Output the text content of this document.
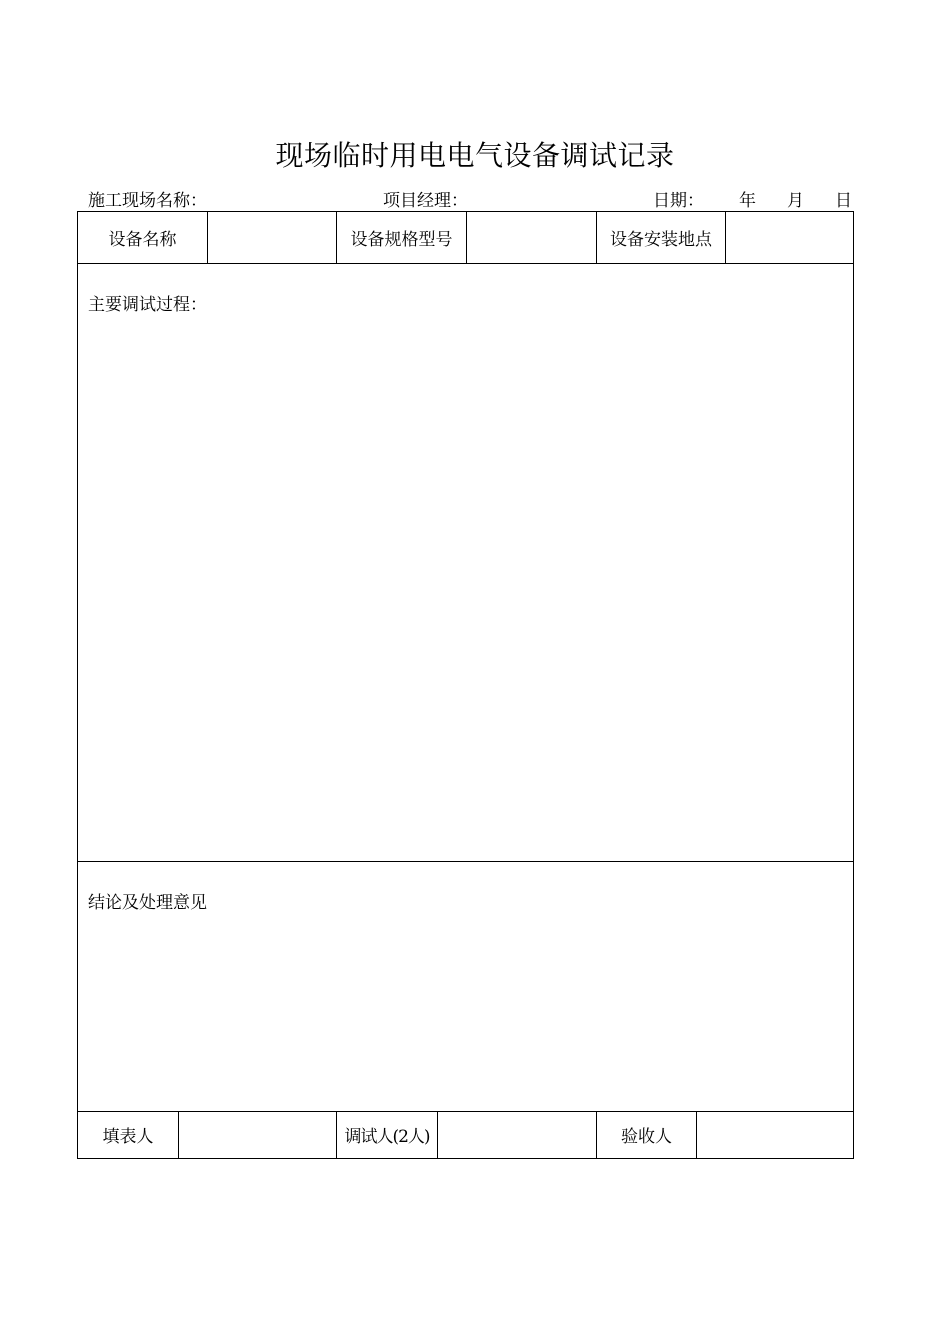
现场临时用电电气设备调试记录
施工现场名称：	项目经理：	日期： 年 月 日
设备名称	设备规格型号	设备安装地点
主要调试过程：
结论及处理意见
填表人	调试人(2人)	验收人
